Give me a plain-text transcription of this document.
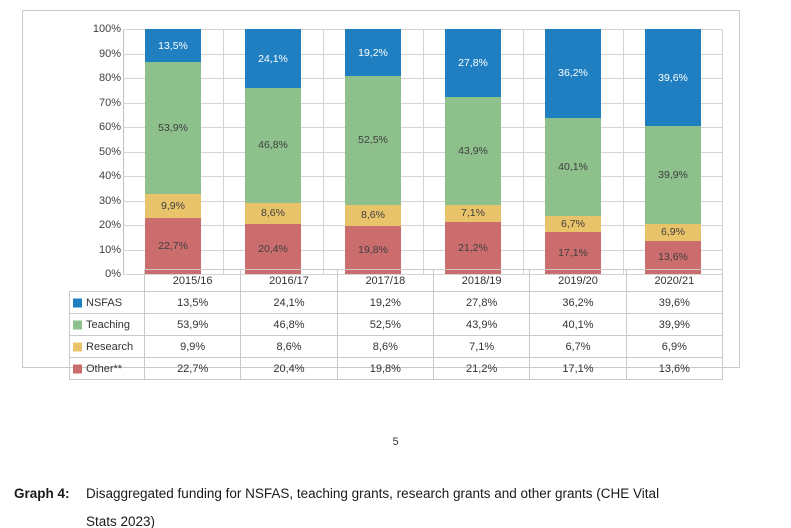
0%
10%
20%
30%
40%
50%
60%
70%
80%
90%
100%
13,5%
53,9%
9,9%
22,7%
24,1%
46,8%
8,6%
20,4%
19,2%
52,5%
8,6%
19,8%
27,8%
43,9%
7,1%
21,2%
36,2%
40,1%
6,7%
17,1%
39,6%
39,9%
6,9%
13,6%
	2015/16	2016/17	2017/18	2018/19	2019/20	2020/21

NSFAS	13,5%	24,1%	19,2%	27,8%	36,2%	39,6%

Teaching	53,9%	46,8%	52,5%	43,9%	40,1%	39,9%

Research	9,9%	8,6%	8,6%	7,1%	6,7%	6,9%

Other**	22,7%	20,4%	19,8%	21,2%	17,1%	13,6%
5
Graph 4: Disaggregated funding for NSFAS, teaching grants, research grants and other grants (CHE Vital Stats 2023)
